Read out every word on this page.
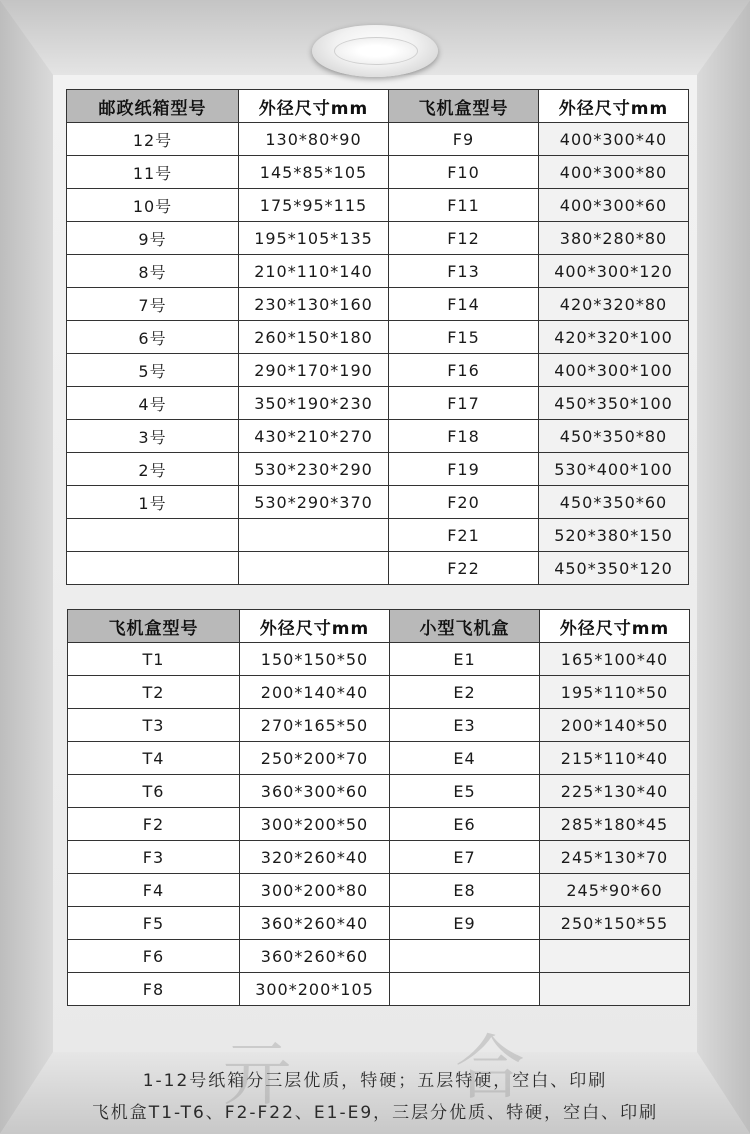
亓 合
邮政纸箱型号	外径尺寸mm	飞机盒型号	外径尺寸mm
12号	130*80*90	F9	400*300*40
11号	145*85*105	F10	400*300*80
10号	175*95*115	F11	400*300*60
9号	195*105*135	F12	380*280*80
8号	210*110*140	F13	400*300*120
7号	230*130*160	F14	420*320*80
6号	260*150*180	F15	420*320*100
5号	290*170*190	F16	400*300*100
4号	350*190*230	F17	450*350*100
3号	430*210*270	F18	450*350*80
2号	530*230*290	F19	530*400*100
1号	530*290*370	F20	450*350*60
		F21	520*380*150
		F22	450*350*120
飞机盒型号	外径尺寸mm	小型飞机盒	外径尺寸mm
T1	150*150*50	E1	165*100*40
T2	200*140*40	E2	195*110*50
T3	270*165*50	E3	200*140*50
T4	250*200*70	E4	215*110*40
T6	360*300*60	E5	225*130*40
F2	300*200*50	E6	285*180*45
F3	320*260*40	E7	245*130*70
F4	300*200*80	E8	245*90*60
F5	360*260*40	E9	250*150*55
F6	360*260*60		
F8	300*200*105		
1-12号纸箱分三层优质，特硬；五层特硬，空白、印刷
飞机盒T1-T6、F2-F22、E1-E9，三层分优质、特硬，空白、印刷
